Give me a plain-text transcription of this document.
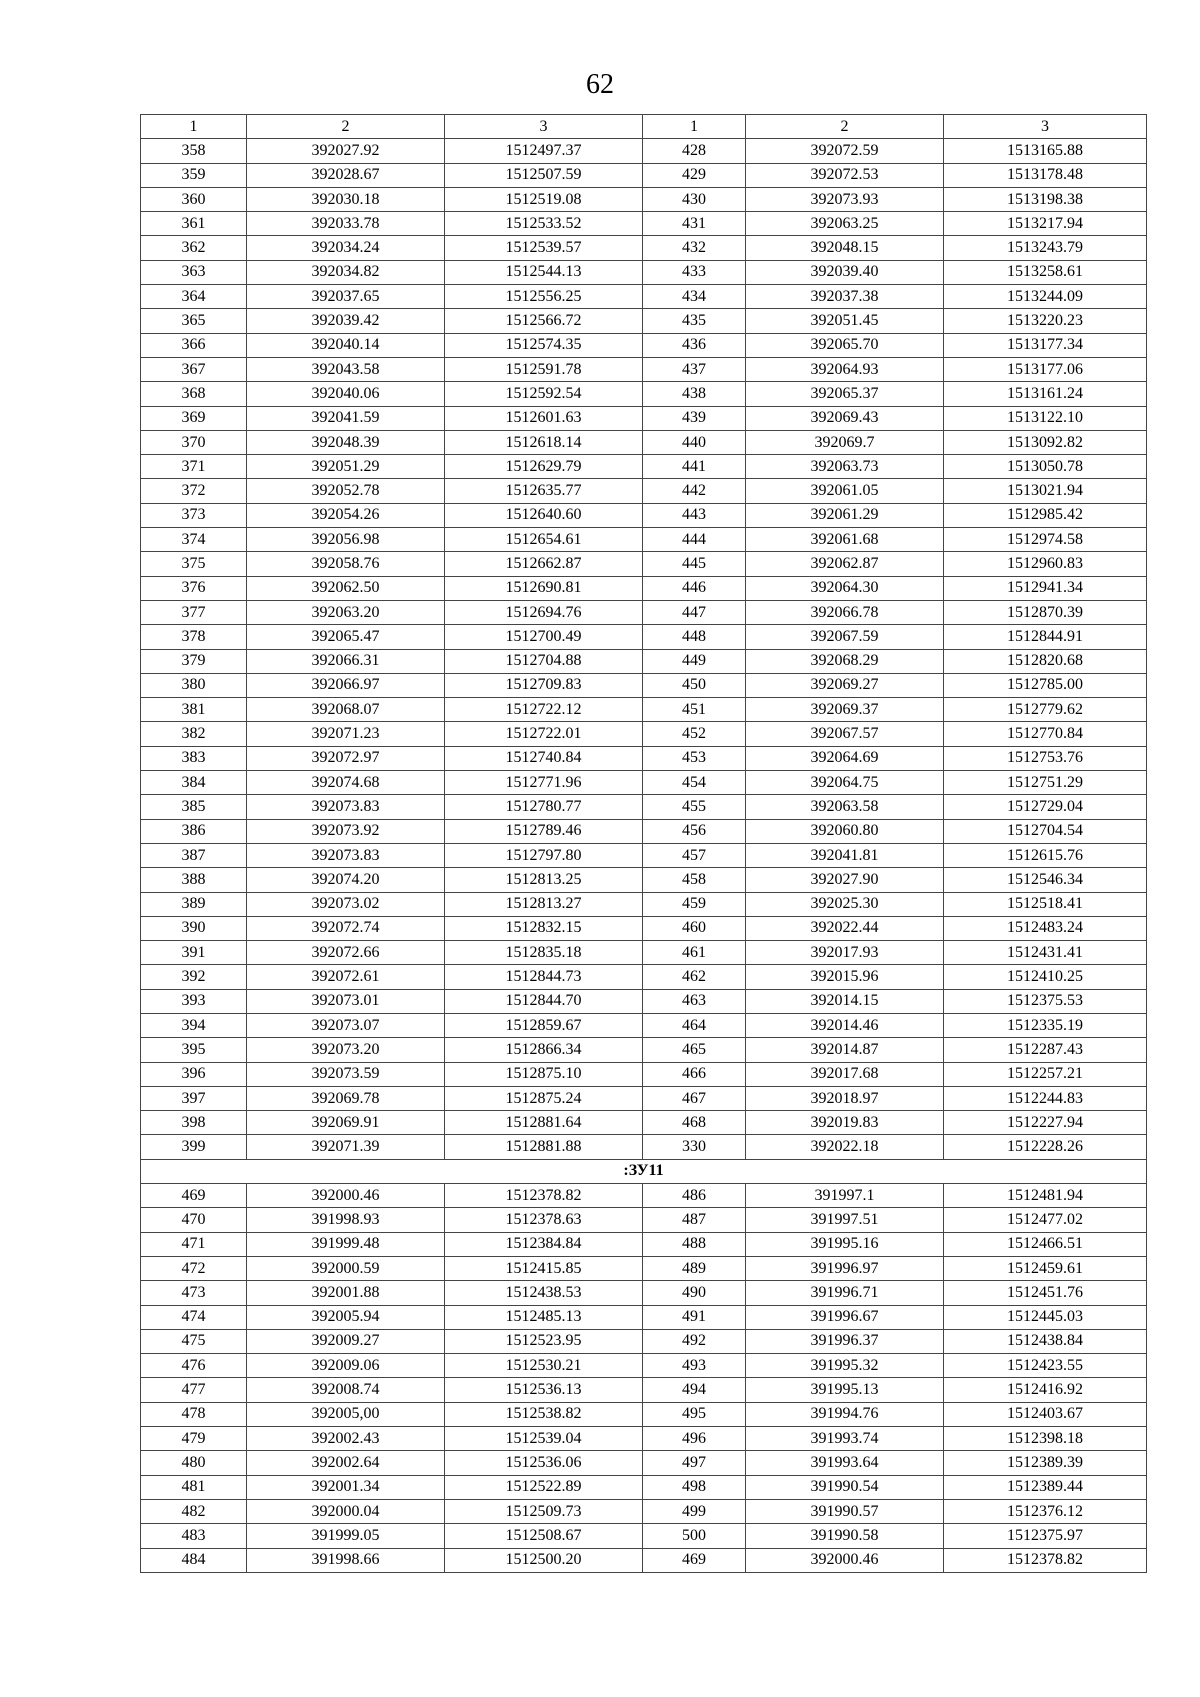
62
1	2	3	1	2	3
358	392027.92	1512497.37	428	392072.59	1513165.88
359	392028.67	1512507.59	429	392072.53	1513178.48
360	392030.18	1512519.08	430	392073.93	1513198.38
361	392033.78	1512533.52	431	392063.25	1513217.94
362	392034.24	1512539.57	432	392048.15	1513243.79
363	392034.82	1512544.13	433	392039.40	1513258.61
364	392037.65	1512556.25	434	392037.38	1513244.09
365	392039.42	1512566.72	435	392051.45	1513220.23
366	392040.14	1512574.35	436	392065.70	1513177.34
367	392043.58	1512591.78	437	392064.93	1513177.06
368	392040.06	1512592.54	438	392065.37	1513161.24
369	392041.59	1512601.63	439	392069.43	1513122.10
370	392048.39	1512618.14	440	392069.7	1513092.82
371	392051.29	1512629.79	441	392063.73	1513050.78
372	392052.78	1512635.77	442	392061.05	1513021.94
373	392054.26	1512640.60	443	392061.29	1512985.42
374	392056.98	1512654.61	444	392061.68	1512974.58
375	392058.76	1512662.87	445	392062.87	1512960.83
376	392062.50	1512690.81	446	392064.30	1512941.34
377	392063.20	1512694.76	447	392066.78	1512870.39
378	392065.47	1512700.49	448	392067.59	1512844.91
379	392066.31	1512704.88	449	392068.29	1512820.68
380	392066.97	1512709.83	450	392069.27	1512785.00
381	392068.07	1512722.12	451	392069.37	1512779.62
382	392071.23	1512722.01	452	392067.57	1512770.84
383	392072.97	1512740.84	453	392064.69	1512753.76
384	392074.68	1512771.96	454	392064.75	1512751.29
385	392073.83	1512780.77	455	392063.58	1512729.04
386	392073.92	1512789.46	456	392060.80	1512704.54
387	392073.83	1512797.80	457	392041.81	1512615.76
388	392074.20	1512813.25	458	392027.90	1512546.34
389	392073.02	1512813.27	459	392025.30	1512518.41
390	392072.74	1512832.15	460	392022.44	1512483.24
391	392072.66	1512835.18	461	392017.93	1512431.41
392	392072.61	1512844.73	462	392015.96	1512410.25
393	392073.01	1512844.70	463	392014.15	1512375.53
394	392073.07	1512859.67	464	392014.46	1512335.19
395	392073.20	1512866.34	465	392014.87	1512287.43
396	392073.59	1512875.10	466	392017.68	1512257.21
397	392069.78	1512875.24	467	392018.97	1512244.83
398	392069.91	1512881.64	468	392019.83	1512227.94
399	392071.39	1512881.88	330	392022.18	1512228.26
:ЗУ11					
469	392000.46	1512378.82	486	391997.1	1512481.94
470	391998.93	1512378.63	487	391997.51	1512477.02
471	391999.48	1512384.84	488	391995.16	1512466.51
472	392000.59	1512415.85	489	391996.97	1512459.61
473	392001.88	1512438.53	490	391996.71	1512451.76
474	392005.94	1512485.13	491	391996.67	1512445.03
475	392009.27	1512523.95	492	391996.37	1512438.84
476	392009.06	1512530.21	493	391995.32	1512423.55
477	392008.74	1512536.13	494	391995.13	1512416.92
478	392005,00	1512538.82	495	391994.76	1512403.67
479	392002.43	1512539.04	496	391993.74	1512398.18
480	392002.64	1512536.06	497	391993.64	1512389.39
481	392001.34	1512522.89	498	391990.54	1512389.44
482	392000.04	1512509.73	499	391990.57	1512376.12
483	391999.05	1512508.67	500	391990.58	1512375.97
484	391998.66	1512500.20	469	392000.46	1512378.82
